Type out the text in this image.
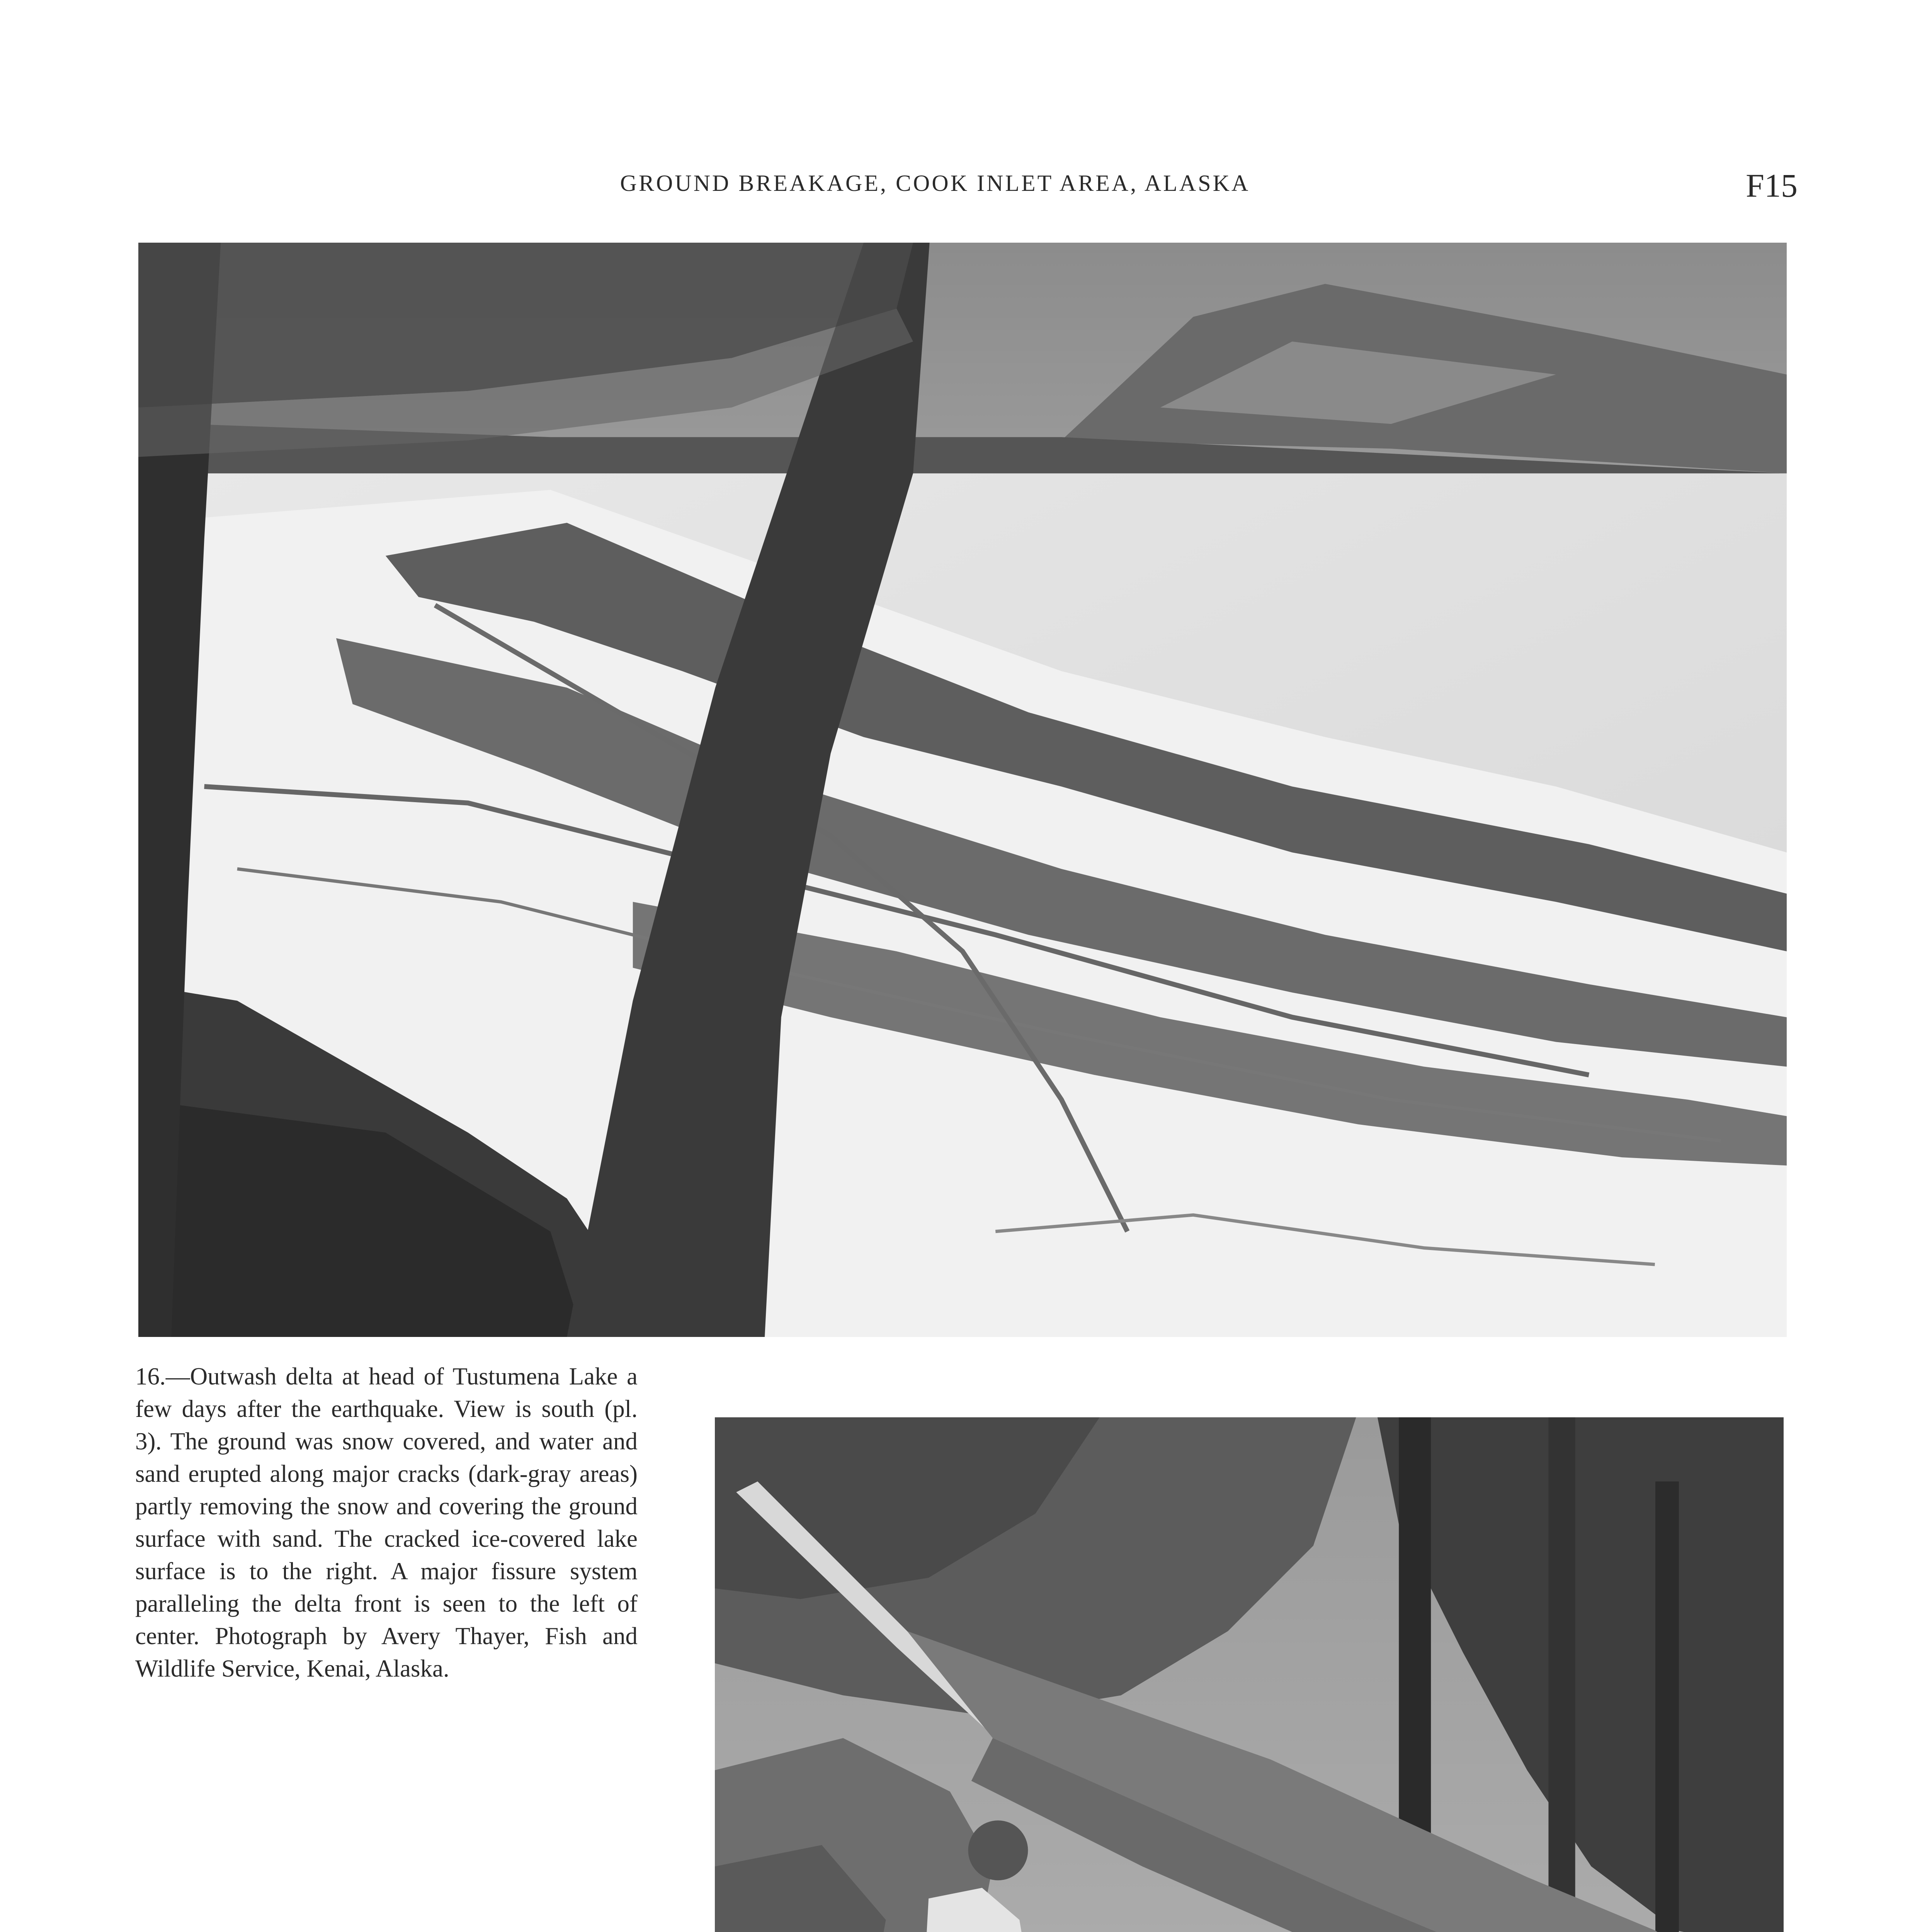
GROUND BREAKAGE, COOK INLET AREA, ALASKA	F15

16.—Outwash delta at head of Tustumena Lake a few days after the earthquake. View is south (pl. 3). The ground was snow covered, and water and sand erupted along major cracks (dark-gray areas) partly removing the snow and covering the ground surface with sand. The cracked ice-covered lake surface is to the right. A major fissure system paralleling the delta front is seen to the left of center. Photograph by Avery Thayer, Fish and Wildlife Service, Kenai, Alaska.
